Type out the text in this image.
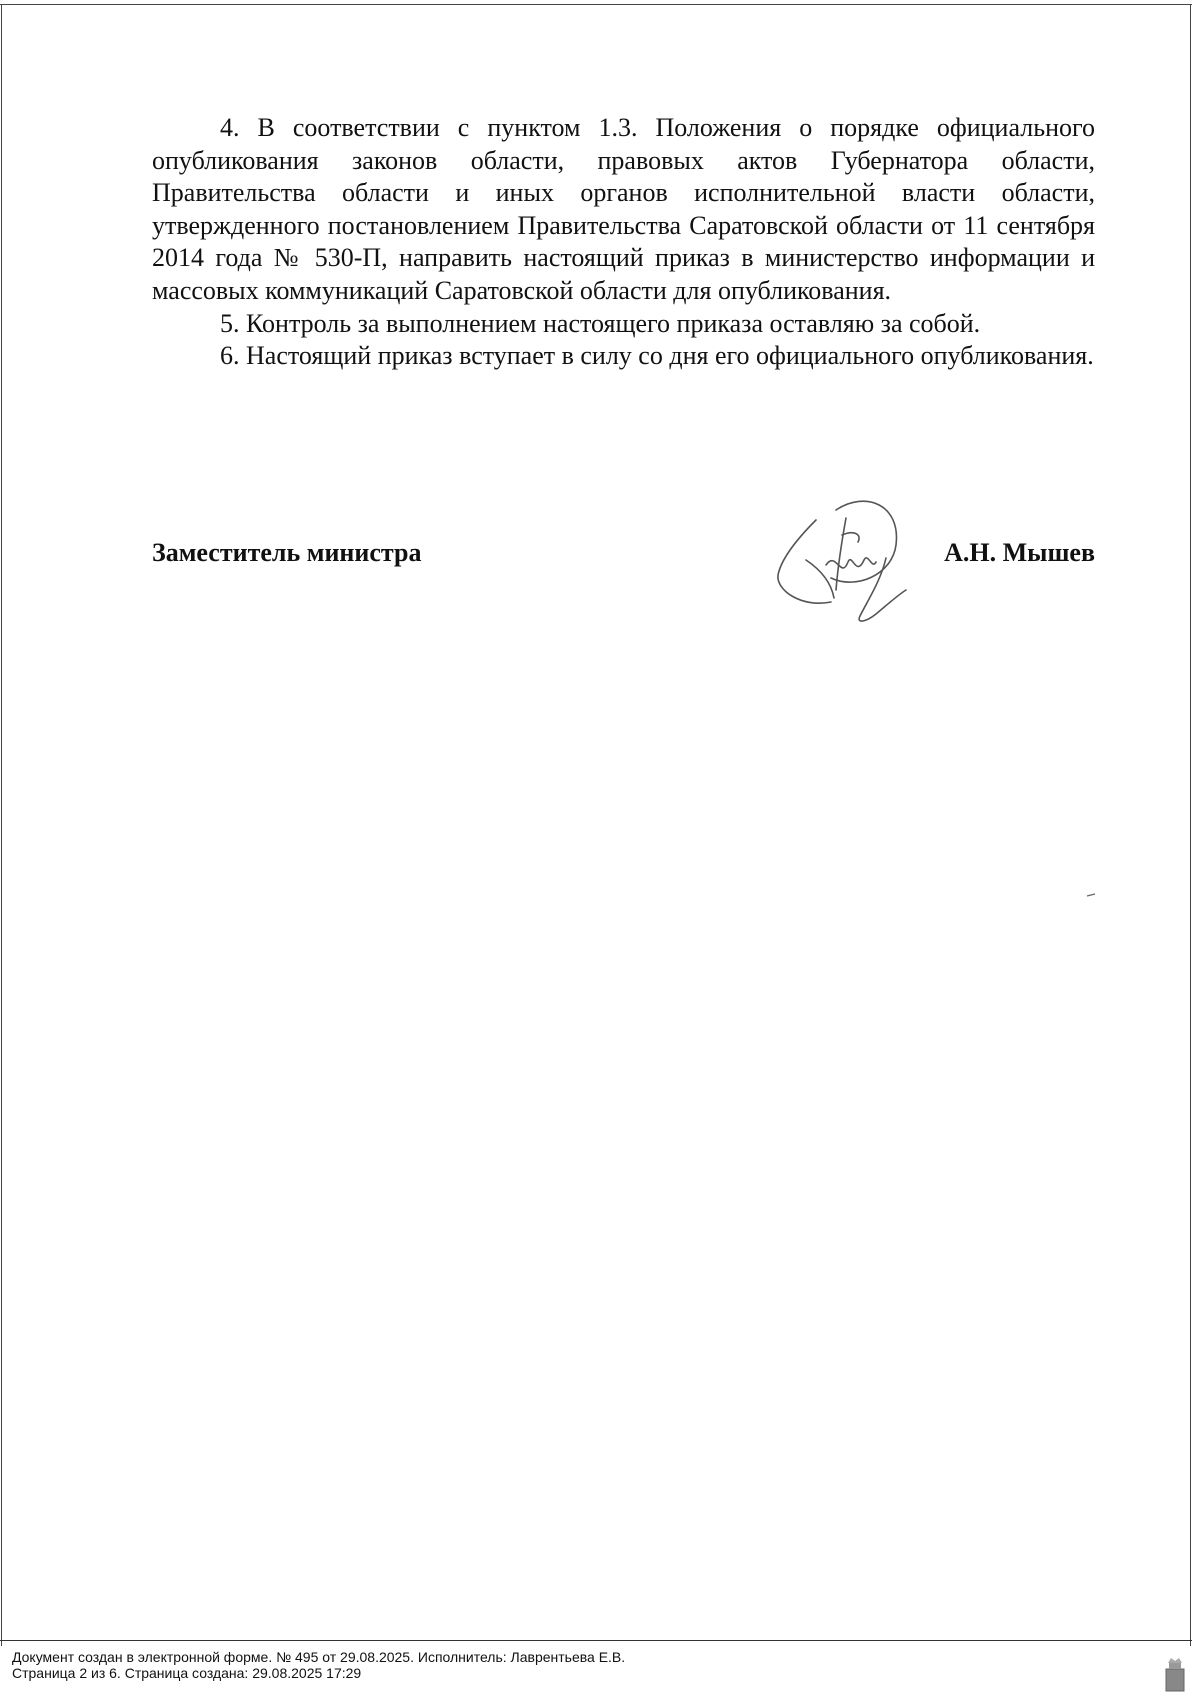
4. В соответствии с пунктом 1.3. Положения о порядке официального опубликования законов области, правовых актов Губернатора области, Правительства области и иных органов исполнительной власти области, утвержденного постановлением Правительства Саратовской области от 11 сентября 2014 года № 530-П, направить настоящий приказ в министерство информации и массовых коммуникаций Саратовской области для опубликования.

5. Контроль за выполнением настоящего приказа оставляю за собой.

6. Настоящий приказ вступает в силу со дня его официального опубликования.

Заместитель министра	А.Н. Мышев
Документ создан в электронной форме. № 495 от 29.08.2025. Исполнитель: Лаврентьева Е.В.
Страница 2 из 6. Страница создана: 29.08.2025 17:29
